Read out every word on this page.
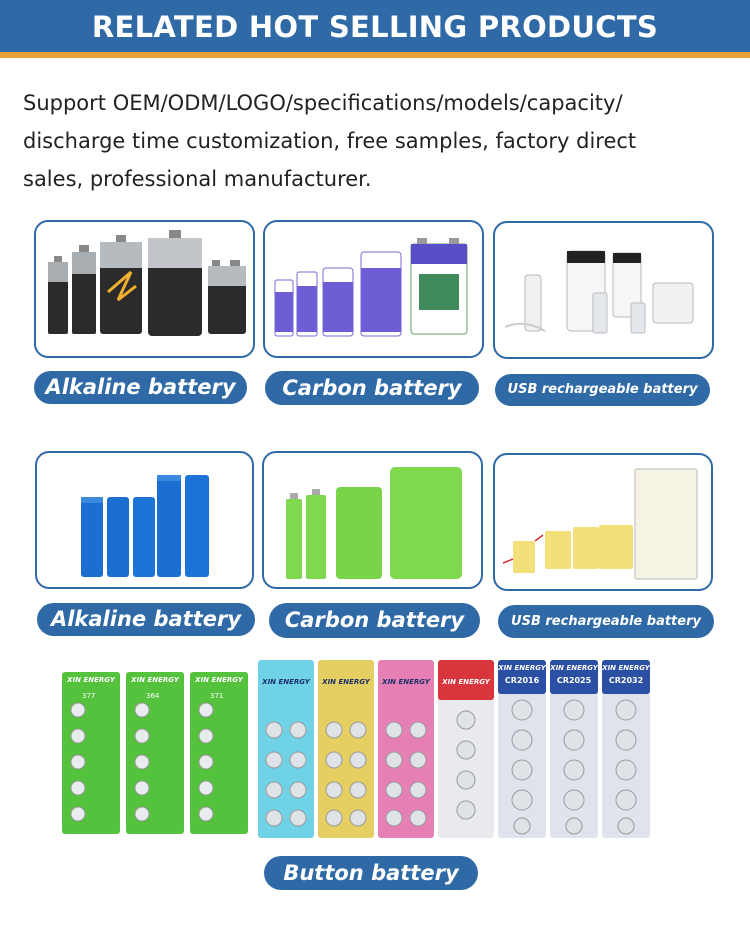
RELATED HOT SELLING PRODUCTS
Support OEM/ODM/LOGO/specifications/models/capacity/
discharge time customization, free samples, factory direct
sales, professional manufacturer.
Alkaline battery	Carbon battery	USB rechargeable battery
Alkaline battery	Carbon battery	USB rechargeable battery
XIN ENERGY	XIN ENERGY	XIN ENERGY	XIN ENERGY	XIN ENERGY	XIN ENERGY	XIN ENERGY
XIN ENERGY XIN ENERGY XIN ENERGY
377	364	371
CR2016	CR2025	CR2032
Button battery
